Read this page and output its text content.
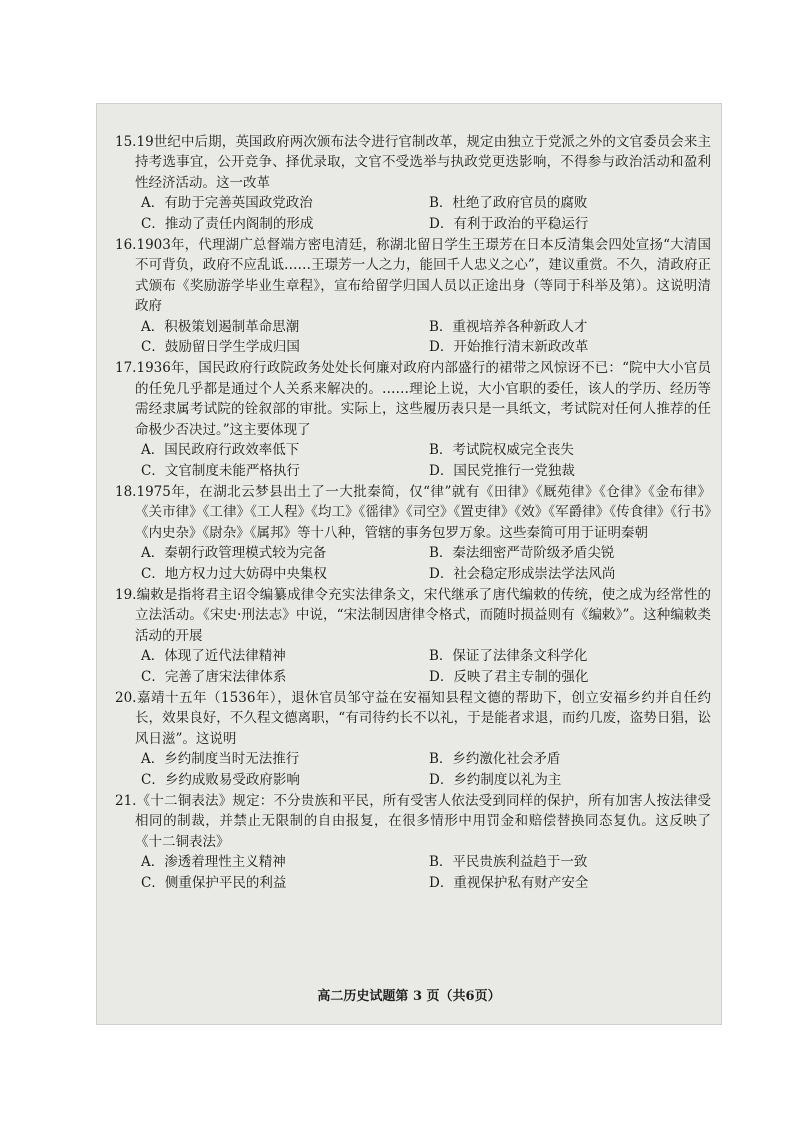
15.19世纪中后期，英国政府两次颁布法令进行官制改革，规定由独立于党派之外的文官委员会来主持考选事宜，公开竞争、择优录取，文官不受选举与执政党更迭影响，不得参与政治活动和盈利性经济活动。这一改革
A．有助于完善英国政党政治	B．杜绝了政府官员的腐败
C．推动了责任内阁制的形成	D．有利于政治的平稳运行
16.1903年，代理湖广总督端方密电清廷，称湖北留日学生王璟芳在日本反清集会四处宣扬“大清国不可背负，政府不应乱诋……王璟芳一人之力，能回千人忠义之心”，建议重赏。不久，清政府正式颁布《奖励游学毕业生章程》，宣布给留学归国人员以正途出身（等同于科举及第）。这说明清政府
A．积极策划遏制革命思潮	B．重视培养各种新政人才
C．鼓励留日学生学成归国	D．开始推行清末新政改革
17.1936年，国民政府行政院政务处处长何廉对政府内部盛行的裙带之风惊讶不已：“院中大小官员的任免几乎都是通过个人关系来解决的。……理论上说，大小官职的委任，该人的学历、经历等需经隶属考试院的铨叙部的审批。实际上，这些履历表只是一具纸文，考试院对任何人推荐的任命极少否决过。”这主要体现了
A．国民政府行政效率低下	B．考试院权威完全丧失
C．文官制度未能严格执行	D．国民党推行一党独裁
18.1975年，在湖北云梦县出土了一大批秦简，仅“律”就有《田律》《厩苑律》《仓律》《金布律》《关市律》《工律》《工人程》《均工》《徭律》《司空》《置吏律》《效》《军爵律》《传食律》《行书》《内史杂》《尉杂》《属邦》等十八种，管辖的事务包罗万象。这些秦简可用于证明秦朝
A．秦朝行政管理模式较为完备	B．秦法细密严苛阶级矛盾尖锐
C．地方权力过大妨碍中央集权	D．社会稳定形成崇法学法风尚
19.编敕是指将君主诏令编纂成律令充实法律条文，宋代继承了唐代编敕的传统，使之成为经常性的立法活动。《宋史·刑法志》中说，“宋法制因唐律令格式，而随时损益则有《编敕》”。这种编敕类活动的开展
A．体现了近代法律精神	B．保证了法律条文科学化
C．完善了唐宋法律体系	D．反映了君主专制的强化
20.嘉靖十五年（1536年），退休官员邹守益在安福知县程文德的帮助下，创立安福乡约并自任约长，效果良好，不久程文德离职，“有司待约长不以礼，于是能者求退，而约几废，盗势日猖，讼风日滋”。这说明
A．乡约制度当时无法推行	B．乡约激化社会矛盾
C．乡约成败易受政府影响	D．乡约制度以礼为主
21.《十二铜表法》规定：不分贵族和平民，所有受害人依法受到同样的保护，所有加害人按法律受相同的制裁，并禁止无限制的自由报复，在很多情形中用罚金和赔偿替换同态复仇。这反映了《十二铜表法》
A．渗透着理性主义精神	B．平民贵族利益趋于一致
C．侧重保护平民的利益	D．重视保护私有财产安全
高二历史试题第 3 页（共6页）
